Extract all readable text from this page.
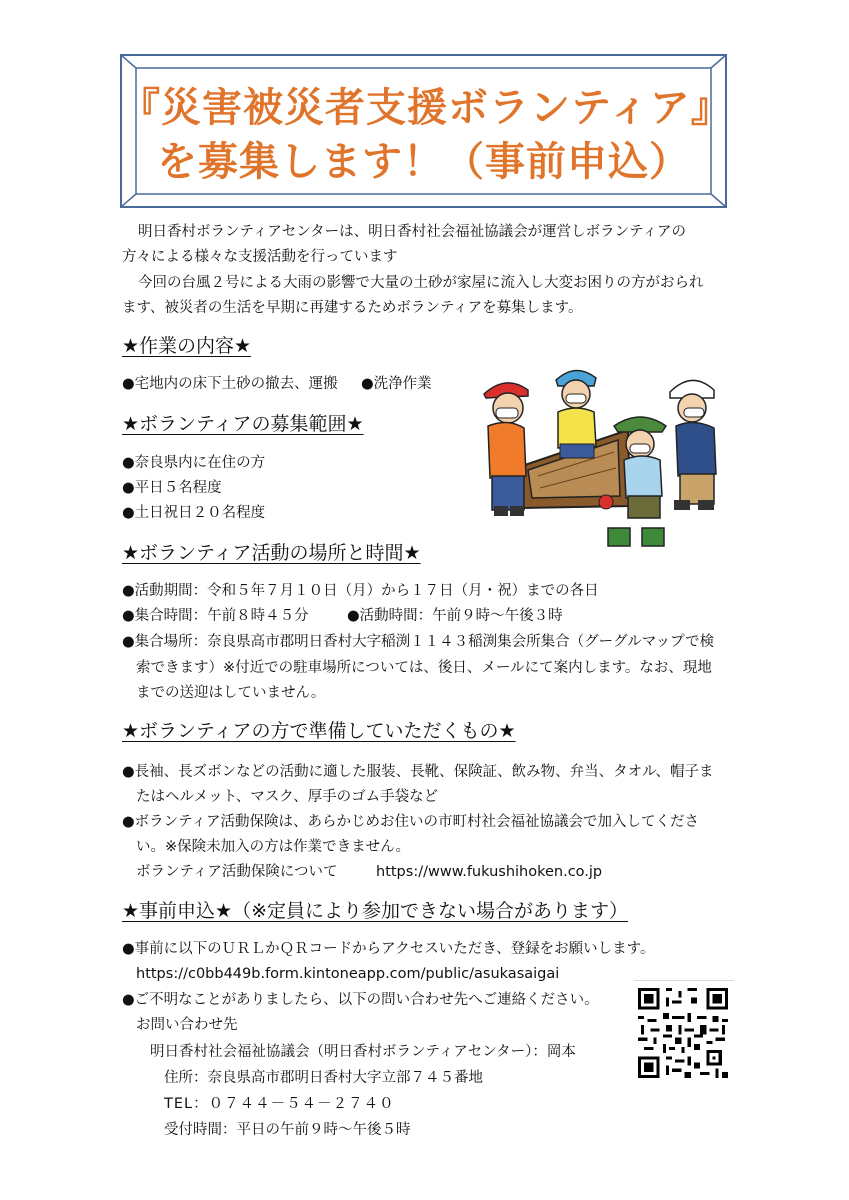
『災害被災者支援ボランティア』
を募集します！（事前申込）
明日香村ボランティアセンターは、明日香村社会福祉協議会が運営しボランティアの
方々による様々な支援活動を行っています
今回の台風２号による大雨の影響で大量の土砂が家屋に流入し大変お困りの方がおられ
ます、被災者の生活を早期に再建するためボランティアを募集します。
★作業の内容★
●宅地内の床下土砂の撤去、運搬 ●洗浄作業
★ボランティアの募集範囲★
●奈良県内に在住の方
●平日５名程度
●土日祝日２０名程度
★ボランティア活動の場所と時間★
●活動期間：令和５年７月１０日（月）から１７日（月・祝）までの各日
●集合時間：午前８時４５分	●活動時間：午前９時～午後３時
●集合場所：奈良県高市郡明日香村大字稲渕１１４３稲渕集会所集合（グーグルマップで検
索できます）※付近での駐車場所については、後日、メールにて案内します。なお、現地
までの送迎はしていません。
★ボランティアの方で準備していただくもの★
●長袖、長ズボンなどの活動に適した服装、長靴、保険証、飲み物、弁当、タオル、帽子ま
たはヘルメット、マスク、厚手のゴム手袋など
●ボランティア活動保険は、あらかじめお住いの市町村社会福祉協議会で加入してくださ
い。※保険未加入の方は作業できません。
ボランティア活動保険について	https://www.fukushihoken.co.jp
★事前申込★（※定員により参加できない場合があります）
●事前に以下のＵＲＬかＱＲコードからアクセスいただき、登録をお願いします。
https://c0bb449b.form.kintoneapp.com/public/asukasaigai
●ご不明なことがありましたら、以下の問い合わせ先へご連絡ください。
お問い合わせ先
明日香村社会福祉協議会（明日香村ボランティアセンター）：岡本
住所：奈良県高市郡明日香村大字立部７４５番地
TEL：０７４４－５４－２７４０
受付時間：平日の午前９時～午後５時
